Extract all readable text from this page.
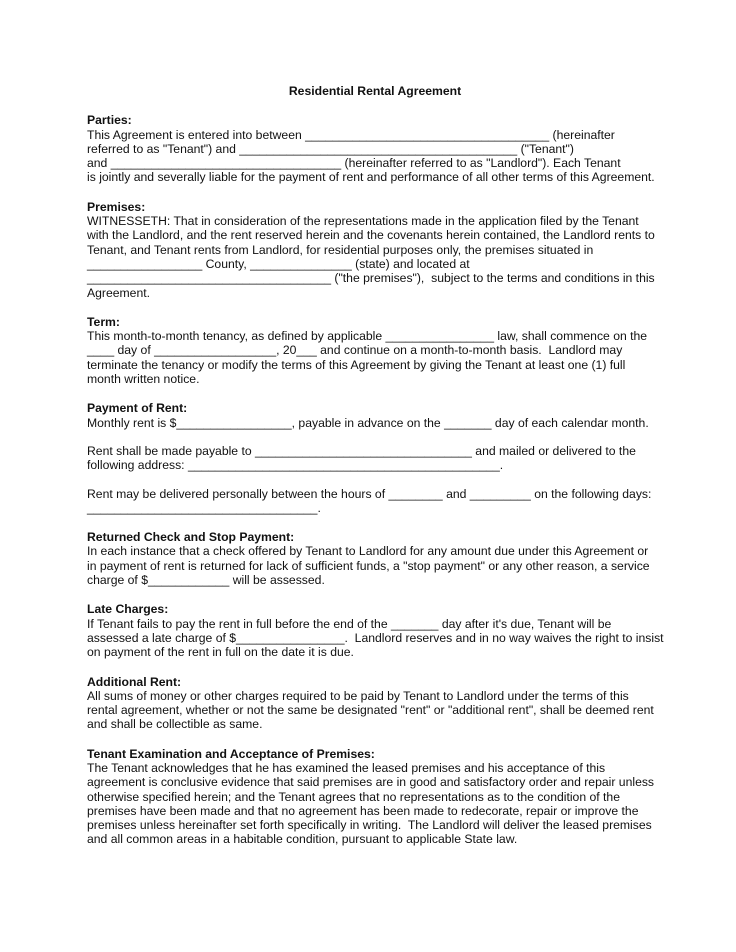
Residential Rental Agreement
Parties:
This Agreement is entered into between ____________________________________ (hereinafter
referred to as "Tenant") and _________________________________________ ("Tenant")
and __________________________________ (hereinafter referred to as "Landlord"). Each Tenant
is jointly and severally liable for the payment of rent and performance of all other terms of this Agreement.
Premises:
WITNESSETH: That in consideration of the representations made in the application filed by the Tenant
with the Landlord, and the rent reserved herein and the covenants herein contained, the Landlord rents to
Tenant, and Tenant rents from Landlord, for residential purposes only, the premises situated in
_________________ County, _______________ (state) and located at
____________________________________ ("the premises"),  subject to the terms and conditions in this
Agreement.
Term:
This month-to-month tenancy, as defined by applicable ________________ law, shall commence on the
____ day of __________________, 20___ and continue on a month-to-month basis.  Landlord may
terminate the tenancy or modify the terms of this Agreement by giving the Tenant at least one (1) full
month written notice.
Payment of Rent:
Monthly rent is $_________________, payable in advance on the _______ day of each calendar month.
Rent shall be made payable to ________________________________ and mailed or delivered to the
following address: ______________________________________________.
Rent may be delivered personally between the hours of ________ and _________ on the following days:
__________________________________.
Returned Check and Stop Payment:
In each instance that a check offered by Tenant to Landlord for any amount due under this Agreement or
in payment of rent is returned for lack of sufficient funds, a "stop payment" or any other reason, a service
charge of $____________ will be assessed.
Late Charges:
If Tenant fails to pay the rent in full before the end of the _______ day after it's due, Tenant will be
assessed a late charge of $________________.  Landlord reserves and in no way waives the right to insist
on payment of the rent in full on the date it is due.
Additional Rent:
All sums of money or other charges required to be paid by Tenant to Landlord under the terms of this
rental agreement, whether or not the same be designated "rent" or "additional rent", shall be deemed rent
and shall be collectible as same.
Tenant Examination and Acceptance of Premises:
The Tenant acknowledges that he has examined the leased premises and his acceptance of this
agreement is conclusive evidence that said premises are in good and satisfactory order and repair unless
otherwise specified herein; and the Tenant agrees that no representations as to the condition of the
premises have been made and that no agreement has been made to redecorate, repair or improve the
premises unless hereinafter set forth specifically in writing.  The Landlord will deliver the leased premises
and all common areas in a habitable condition, pursuant to applicable State law.
